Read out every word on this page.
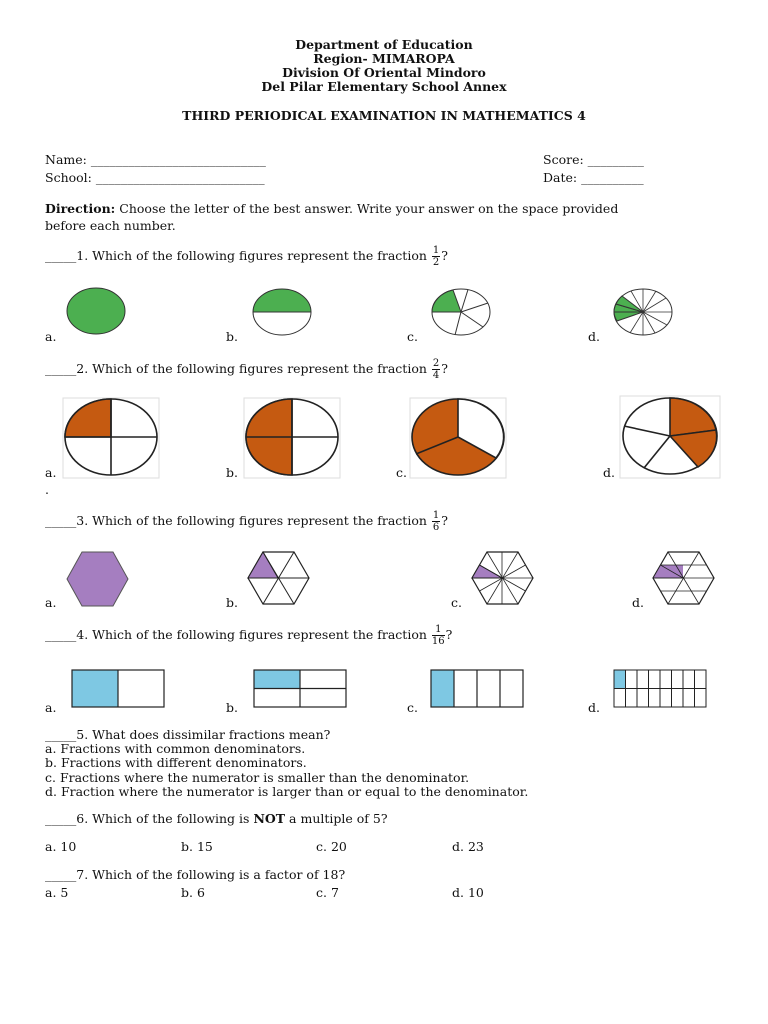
Department of Education
Region- MIMAROPA
Division Of Oriental Mindoro
Del Pilar Elementary School Annex
THIRD PERIODICAL EXAMINATION IN MATHEMATICS 4
Name: ____________________________
School: ___________________________
Score: _________
Date: __________
Direction: Choose the letter of the best answer. Write your answer on the space provided
before each number.
_____1. Which of the following figures represent the fraction $\frac{1}{2}$ ?
a.	b.	c.	d.
_____2. Which of the following figures represent the fraction $\frac{2}{4}$ ?
a.	b.	c.	d.
.
_____3. Which of the following figures represent the fraction $\frac{1}{6}$ ?
a.	b.	c.	d.
_____4. Which of the following figures represent the fraction $\frac{1}{16}$ ?
a.	b.	c.	d.
_____5. What does dissimilar fractions mean?
a. Fractions with common denominators.
b. Fractions with different denominators.
c. Fractions where the numerator is smaller than the denominator.
d. Fraction where the numerator is larger than or equal to the denominator.
_____6. Which of the following is NOT a multiple of 5?
a. 10	b. 15	c. 20	d. 23
_____7. Which of the following is a factor of 18?
a. 5	b. 6	c. 7	d. 10
